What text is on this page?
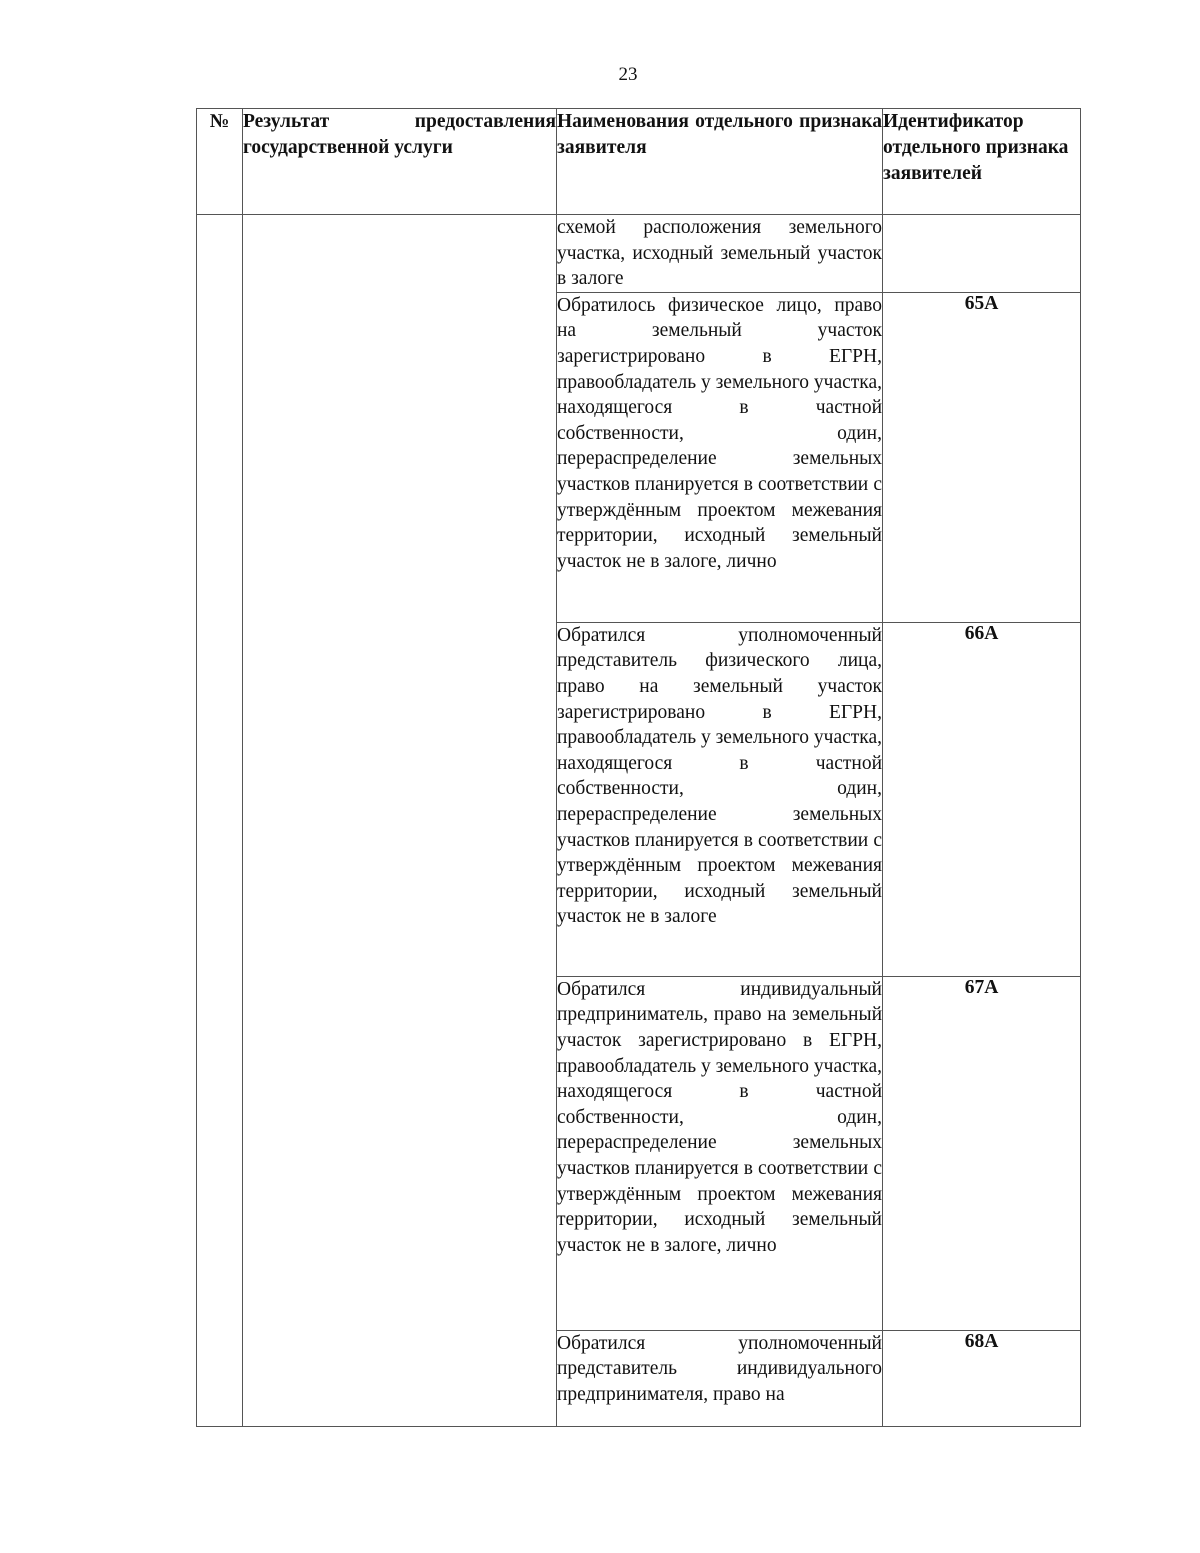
23
№	Результат предоставления государственной услуги	Наименования отдельного признака заявителя	Идентификатор отдельного признака заявителей

		схемой расположения земельного участка, исходный земельный участок в залоге	
		Обратилось физическое лицо, право на земельный участок зарегистрировано в ЕГРН, правообладатель у земельного участка, находящегося в частной собственности, один, перераспределение земельных участков планируется в соответствии с утверждённым проектом межевания территории, исходный земельный участок не в залоге, лично	65А
		Обратился уполномоченный представитель физического лица, право на земельный участок зарегистрировано в ЕГРН, правообладатель у земельного участка, находящегося в частной собственности, один, перераспределение земельных участков планируется в соответствии с утверждённым проектом межевания территории, исходный земельный участок не в залоге	66А
		Обратился индивидуальный предприниматель, право на земельный участок зарегистрировано в ЕГРН, правообладатель у земельного участка, находящегося в частной собственности, один, перераспределение земельных участков планируется в соответствии с утверждённым проектом межевания территории, исходный земельный участок не в залоге, лично	67А
		Обратился уполномоченный представитель индивидуального предпринимателя, право на	68А
